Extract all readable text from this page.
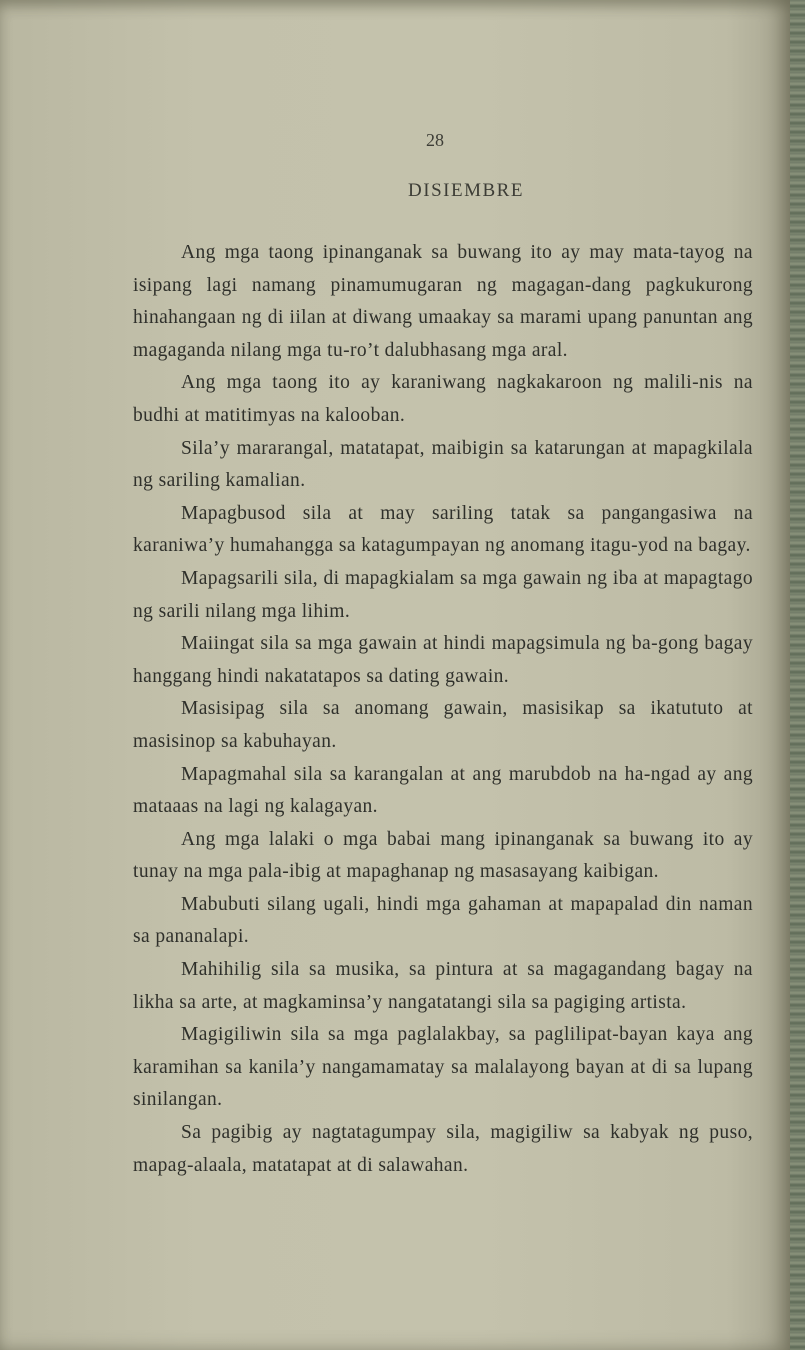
28
DISIEMBRE

Ang mga taong ipinanganak sa buwang ito ay may mata-tayog na isipang lagi namang pinamumugaran ng magagan-dang pagkukurong hinahangaan ng di iilan at diwang umaakay sa marami upang panuntan ang magaganda nilang mga tu-ro’t dalubhasang mga aral.

Ang mga taong ito ay karaniwang nagkakaroon ng malili-nis na budhi at matitimyas na kalooban.

Sila’y mararangal, matatapat, maibigin sa katarungan at mapagkilala ng sariling kamalian.

Mapagbusod sila at may sariling tatak sa pangangasiwa na karaniwa’y humahangga sa katagumpayan ng anomang itagu-yod na bagay.

Mapagsarili sila, di mapagkialam sa mga gawain ng iba at mapagtago ng sarili nilang mga lihim.

Maiingat sila sa mga gawain at hindi mapagsimula ng ba-gong bagay hanggang hindi nakatatapos sa dating gawain.

Masisipag sila sa anomang gawain, masisikap sa ikatututo at masisinop sa kabuhayan.

Mapagmahal sila sa karangalan at ang marubdob na ha-ngad ay ang mataaas na lagi ng kalagayan.

Ang mga lalaki o mga babai mang ipinanganak sa buwang ito ay tunay na mga pala-ibig at mapaghanap ng masasayang kaibigan.

Mabubuti silang ugali, hindi mga gahaman at mapapalad din naman sa pananalapi.

Mahihilig sila sa musika, sa pintura at sa magagandang bagay na likha sa arte, at magkaminsa’y nangatatangi sila sa pagiging artista.

Magigiliwin sila sa mga paglalakbay, sa paglilipat-bayan kaya ang karamihan sa kanila’y nangamamatay sa malalayong bayan at di sa lupang sinilangan.

Sa pagibig ay nagtatagumpay sila, magigiliw sa kabyak ng puso, mapag-alaala, matatapat at di salawahan.
